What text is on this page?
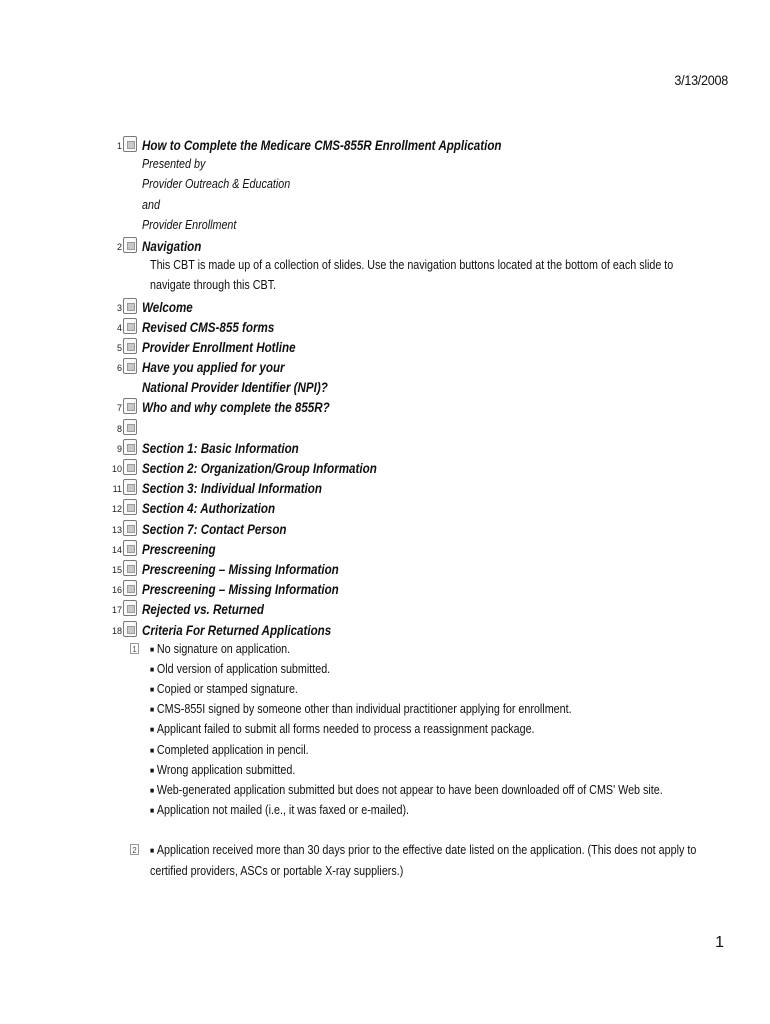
3/13/2008
1 How to Complete the Medicare CMS-855R Enrollment Application
Presented by
Provider Outreach & Education
and
Provider Enrollment
2 Navigation
This CBT is made up of a collection of slides. Use the navigation buttons located at the bottom of each slide to
navigate through this CBT.
3 Welcome
4 Revised CMS-855 forms
5 Provider Enrollment Hotline
6 Have you applied for your
National Provider Identifier (NPI)?
7 Who and why complete the 855R?
8
9 Section 1: Basic Information
10 Section 2: Organization/Group Information
11 Section 3: Individual Information
12 Section 4: Authorization
13 Section 7: Contact Person
14 Prescreening
15 Prescreening – Missing Information
16 Prescreening – Missing Information
17 Rejected vs. Returned
18 Criteria For Returned Applications
1 ■ No signature on application.
■ Old version of application submitted.
■ Copied or stamped signature.
■ CMS-855I signed by someone other than individual practitioner applying for enrollment.
■ Applicant failed to submit all forms needed to process a reassignment package.
■ Completed application in pencil.
■ Wrong application submitted.
■ Web-generated application submitted but does not appear to have been downloaded off of CMS' Web site.
■ Application not mailed (i.e., it was faxed or e-mailed).
2 ■ Application received more than 30 days prior to the effective date listed on the application. (This does not apply to
certified providers, ASCs or portable X-ray suppliers.)
1
